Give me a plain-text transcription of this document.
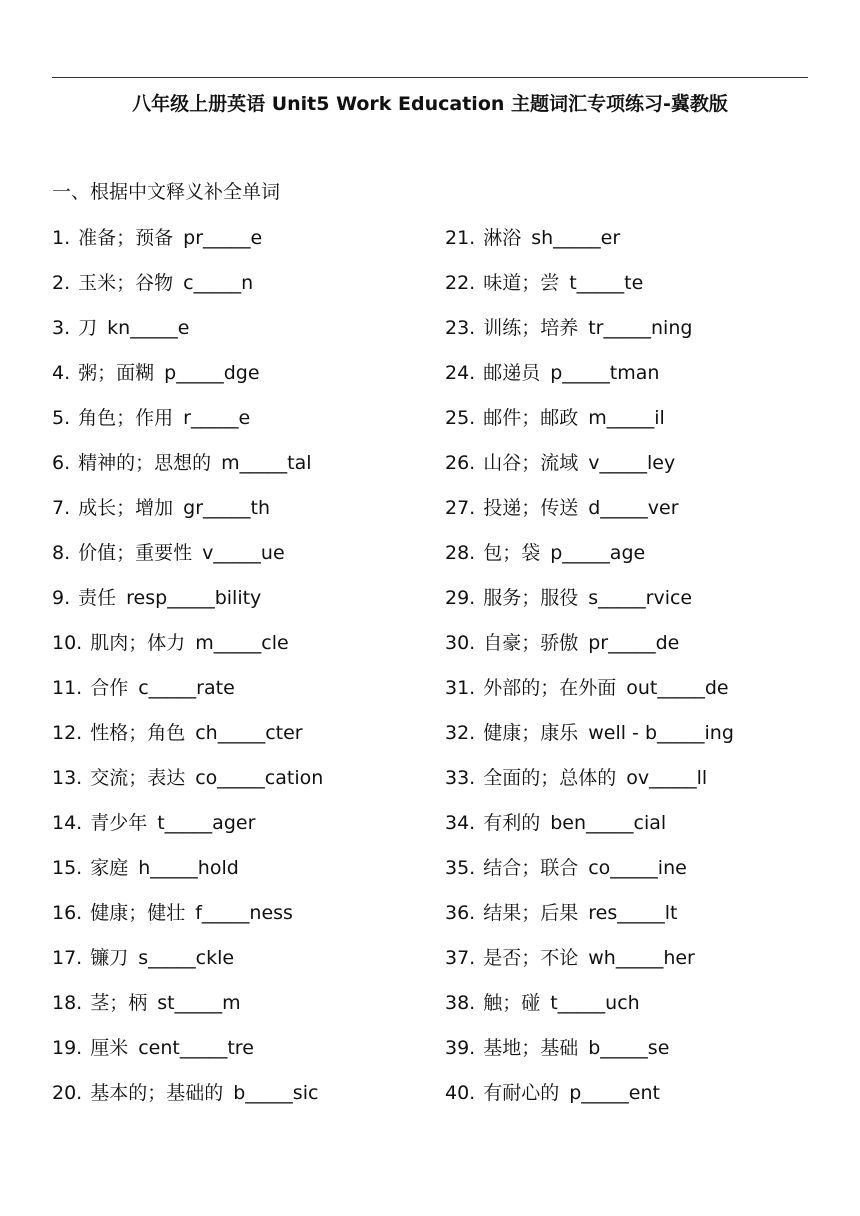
八年级上册英语 Unit5 Work Education 主题词汇专项练习-冀教版
一、根据中文释义补全单词
1. 准备；预备 pr_____e
2. 玉米；谷物 c_____n
3. 刀 kn_____e
4. 粥；面糊 p_____dge
5. 角色；作用 r_____e
6. 精神的；思想的 m_____tal
7. 成长；增加 gr_____th
8. 价值；重要性 v_____ue
9. 责任 resp_____bility
10. 肌肉；体力 m_____cle
11. 合作 c_____rate
12. 性格；角色 ch_____cter
13. 交流；表达 co_____cation
14. 青少年 t_____ager
15. 家庭 h_____hold
16. 健康；健壮 f_____ness
17. 镰刀 s_____ckle
18. 茎；柄 st_____m
19. 厘米 cent_____tre
20. 基本的；基础的 b_____sic
21. 淋浴 sh_____er
22. 味道；尝 t_____te
23. 训练；培养 tr_____ning
24. 邮递员 p_____tman
25. 邮件；邮政 m_____il
26. 山谷；流域 v_____ley
27. 投递；传送 d_____ver
28. 包；袋 p_____age
29. 服务；服役 s_____rvice
30. 自豪；骄傲 pr_____de
31. 外部的；在外面 out_____de
32. 健康；康乐 well - b_____ing
33. 全面的；总体的 ov_____ll
34. 有利的 ben_____cial
35. 结合；联合 co_____ine
36. 结果；后果 res_____lt
37. 是否；不论 wh_____her
38. 触；碰 t_____uch
39. 基地；基础 b_____se
40. 有耐心的 p_____ent
